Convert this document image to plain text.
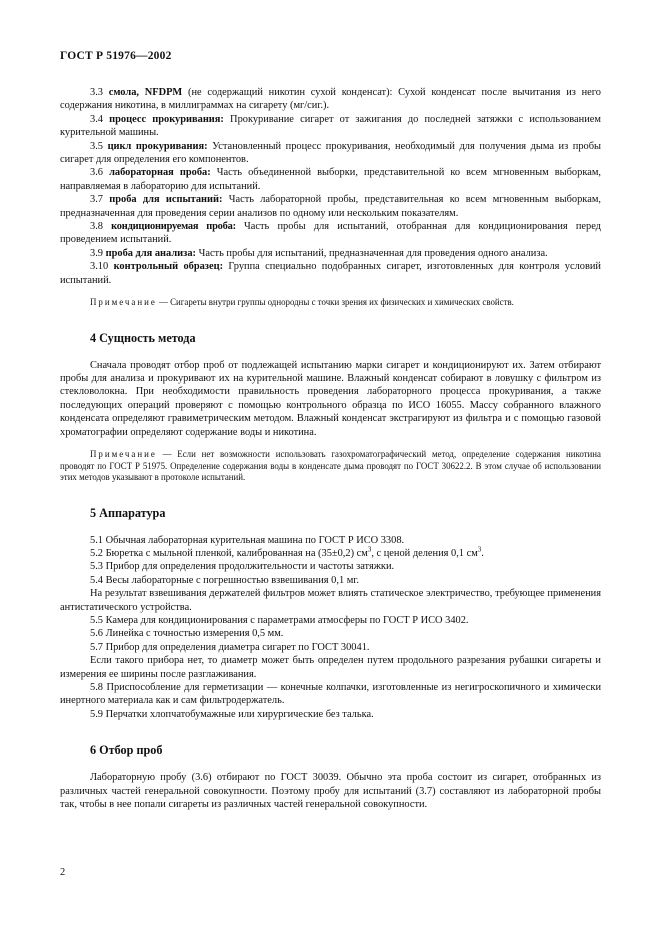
ГОСТ Р 51976—2002

3.3 смола, NFDPM (не содержащий никотин сухой конденсат): Сухой конденсат после вычитания из него содержания никотина, в миллиграммах на сигарету (мг/сиг.).

3.4 процесс прокуривания: Прокуривание сигарет от зажигания до последней затяжки с использованием курительной машины.

3.5 цикл прокуривания: Установленный процесс прокуривания, необходимый для получения дыма из пробы сигарет для определения его компонентов.

3.6 лабораторная проба: Часть объединенной выборки, представительной ко всем мгновенным выборкам, направляемая в лабораторию для испытаний.

3.7 проба для испытаний: Часть лабораторной пробы, представительная ко всем мгновенным выборкам, предназначенная для проведения серии анализов по одному или нескольким показателям.

3.8 кондиционируемая проба: Часть пробы для испытаний, отобранная для кондиционирования перед проведением испытаний.

3.9 проба для анализа: Часть пробы для испытаний, предназначенная для проведения одного анализа.

3.10 контрольный образец: Группа специально подобранных сигарет, изготовленных для контроля условий испытаний.

Примечание — Сигареты внутри группы однородны с точки зрения их физических и химических свойств.

4 Сущность метода

Сначала проводят отбор проб от подлежащей испытанию марки сигарет и кондиционируют их. Затем отбирают пробы для анализа и прокуривают их на курительной машине. Влажный конденсат собирают в ловушку с фильтром из стекловолокна. При необходимости правильность проведения лабораторного процесса прокуривания, а также последующих операций проверяют с помощью контрольного образца по ИСО 16055. Массу собранного влажного конденсата определяют гравиметрическим методом. Влажный конденсат экстрагируют из фильтра и с помощью газовой хроматографии определяют содержание воды и никотина.

Примечание — Если нет возможности использовать газохроматографический метод, определение содержания никотина проводят по ГОСТ Р 51975. Определение содержания воды в конденсате дыма проводят по ГОСТ 30622.2. В этом случае об использовании этих методов указывают в протоколе испытаний.

5 Аппаратура

5.1 Обычная лабораторная курительная машина по ГОСТ Р ИСО 3308.

5.2 Бюретка с мыльной пленкой, калиброванная на (35±0,2) $см^3$, с ценой деления 0,1 $см^3$.

5.3 Прибор для определения продолжительности и частоты затяжки.

5.4 Весы лабораторные с погрешностью взвешивания 0,1 мг.

На результат взвешивания держателей фильтров может влиять статическое электричество, требующее применения антистатического устройства.

5.5 Камера для кондиционирования с параметрами атмосферы по ГОСТ Р ИСО 3402.

5.6 Линейка с точностью измерения 0,5 мм.

5.7 Прибор для определения диаметра сигарет по ГОСТ 30041.

Если такого прибора нет, то диаметр может быть определен путем продольного разрезания рубашки сигареты и измерения ее ширины после разглаживания.

5.8 Приспособление для герметизации — конечные колпачки, изготовленные из негигроскопичного и химически инертного материала как и сам фильтродержатель.

5.9 Перчатки хлопчатобумажные или хирургические без талька.

6 Отбор проб

Лабораторную пробу (3.6) отбирают по ГОСТ 30039. Обычно эта проба состоит из сигарет, отобранных из различных частей генеральной совокупности. Поэтому пробу для испытаний (3.7) составляют из лабораторной пробы так, чтобы в нее попали сигареты из различных частей генеральной совокупности.

2
